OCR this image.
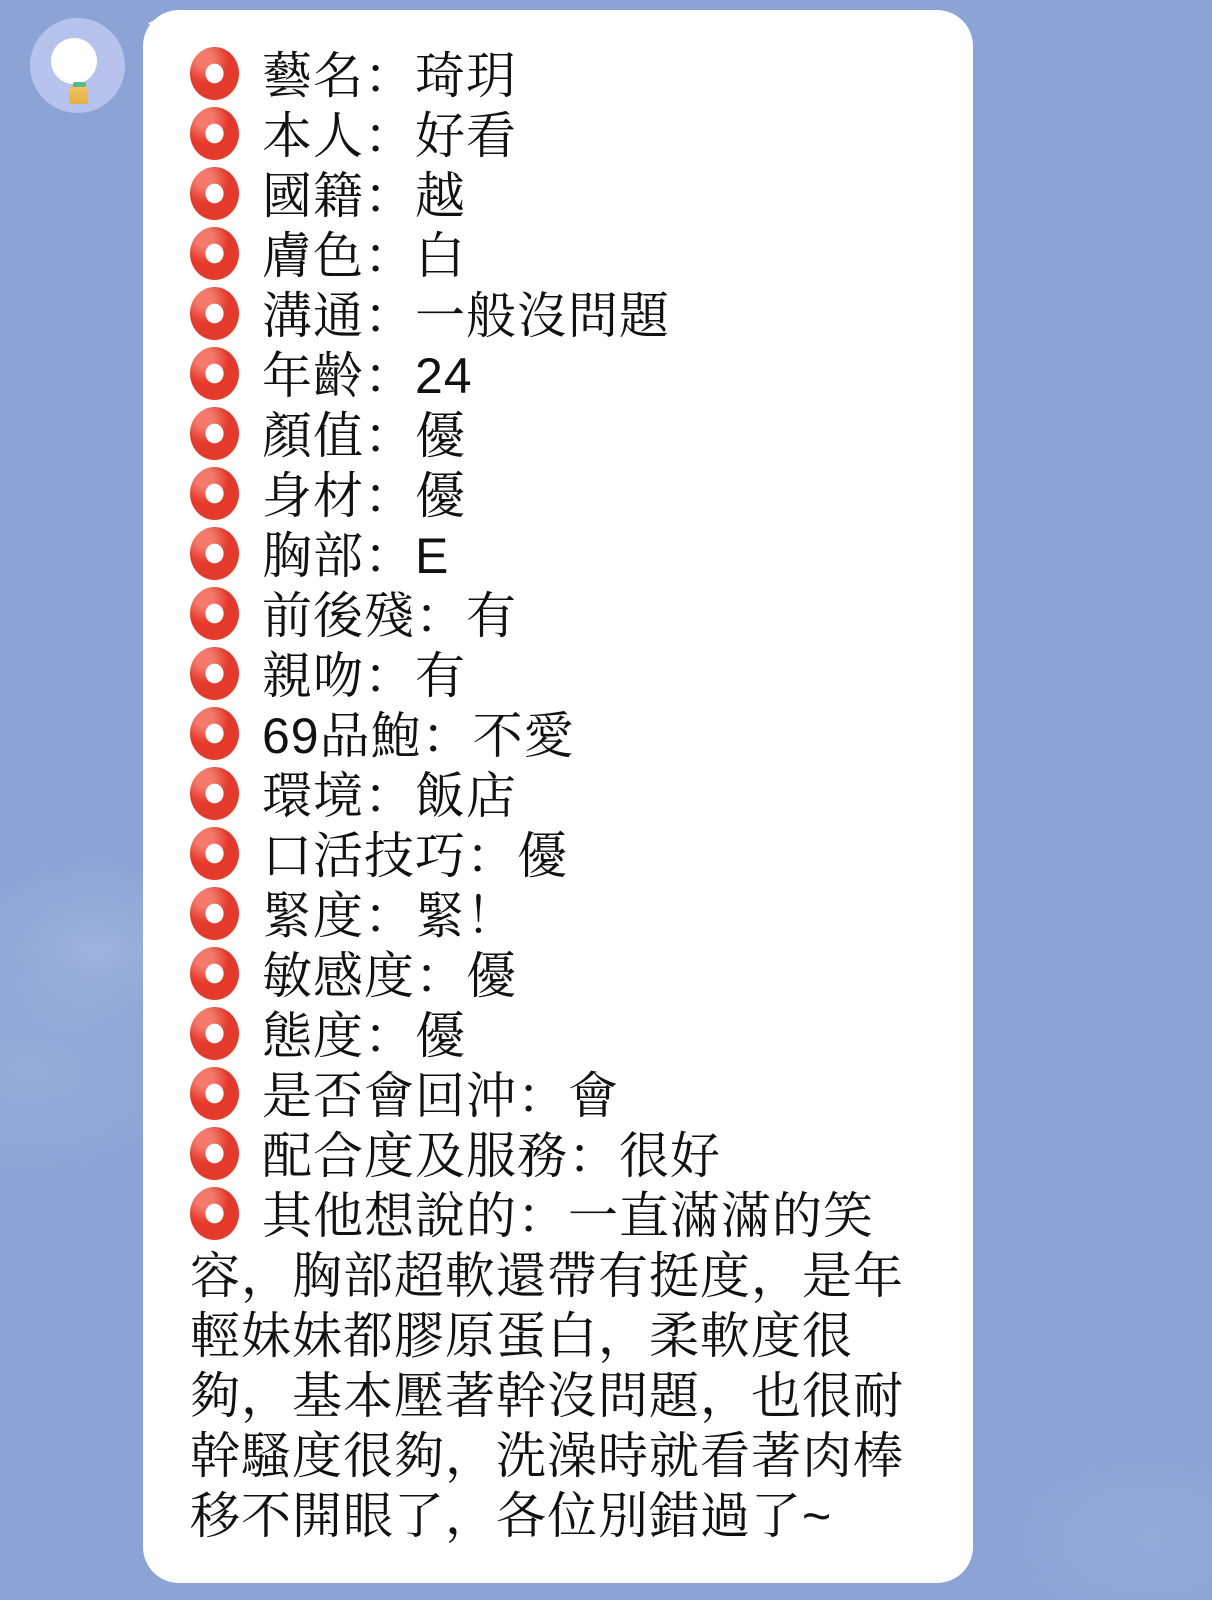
藝名：琦玥
本人：好看
國籍：越
膚色：白
溝通：一般沒問題
年齡：24
顏值：優
身材：優
胸部：E
前後殘：有
親吻：有
69品鮑：不愛
環境：飯店
口活技巧：優
緊度：緊！
敏感度：優
態度：優
是否會回沖：會
配合度及服務：很好
其他想說的：一直滿滿的笑容，胸部超軟還帶有挺度，是年輕妹妹都膠原蛋白，柔軟度很夠，基本壓著幹沒問題，也很耐幹騷度很夠，洗澡時就看著肉棒移不開眼了，各位別錯過了~
